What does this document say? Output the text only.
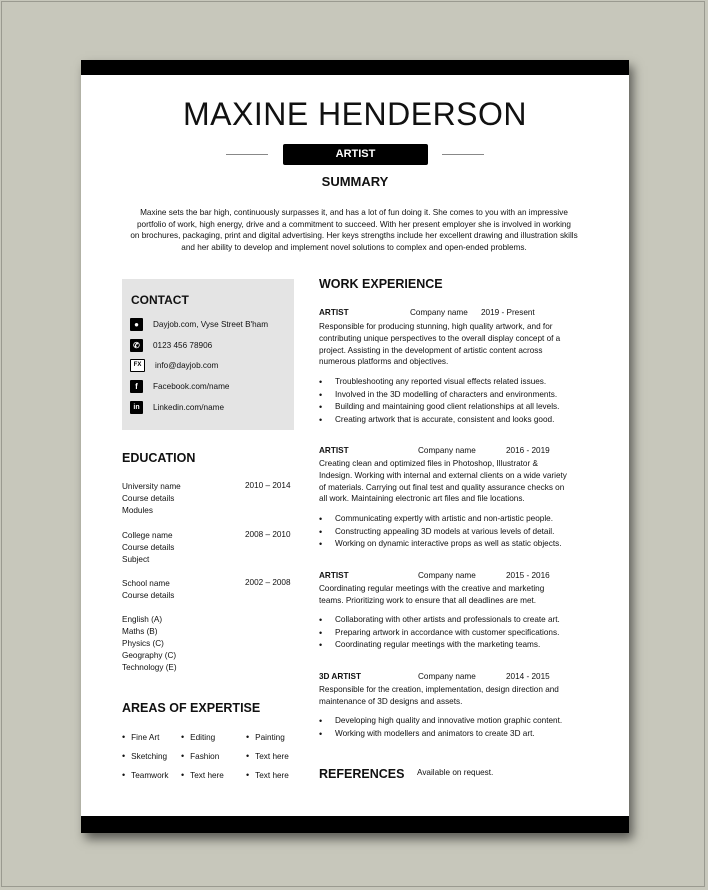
MAXINE HENDERSON
ARTIST
SUMMARY
Maxine sets the bar high, continuously surpasses it, and has a lot of fun doing it. She comes to you with an impressive
portfolio of work, high energy, drive and a commitment to succeed. With her present employer she is involved in working
on brochures, packaging, print and digital advertising. Her keys strengths include her excellent drawing and illustration skills
and her ability to develop and implement novel solutions to complex and open-ended problems.
CONTACT
●	Dayjob.com, Vyse Street B'ham
✆	0123 456 78906
FX	info@dayjob.com
f	Facebook.com/name
in	Linkedin.com/name
EDUCATION
University name
Course details
Modules
2010 – 2014
College name
Course details
Subject
2008 – 2010
School name
Course details
2002 – 2008
English (A)
Maths (B)
Physics (C)
Geography (C)
Technology (E)
AREAS OF EXPERTISE
• Fine Art • Editing	• Painting
• Sketching • Fashion	• Text here
• Teamwork • Text here • Text here
WORK EXPERIENCE
ARTIST	Company name 2019 - Present
Responsible for producing stunning, high quality artwork, and for
contributing unique perspectives to the overall display concept of a
project. Assisting in the development of artistic content across
numerous platforms and objectives.
• Troubleshooting any reported visual effects related issues.
• Involved in the 3D modelling of characters and environments.
• Building and maintaining good client relationships at all levels.
• Creating artwork that is accurate, consistent and looks good.
ARTIST	Company name	2016 - 2019
Creating clean and optimized files in Photoshop, Illustrator &
Indesign. Working with internal and external clients on a wide variety
of materials. Carrying out final test and quality assurance checks on
all work. Maintaining electronic art files and file locations.
• Communicating expertly with artistic and non-artistic people.
• Constructing appealing 3D models at various levels of detail.
• Working on dynamic interactive props as well as static objects.
ARTIST	Company name	2015 - 2016
Coordinating regular meetings with the creative and marketing
teams. Prioritizing work to ensure that all deadlines are met.
• Collaborating with other artists and professionals to create art.
• Preparing artwork in accordance with customer specifications.
• Coordinating regular meetings with the marketing teams.
3D ARTIST	Company name	2014 - 2015
Responsible for the creation, implementation, design direction and
maintenance of 3D designs and assets.
• Developing high quality and innovative motion graphic content.
• Working with modellers and animators to create 3D art.
REFERENCES Available on request.
